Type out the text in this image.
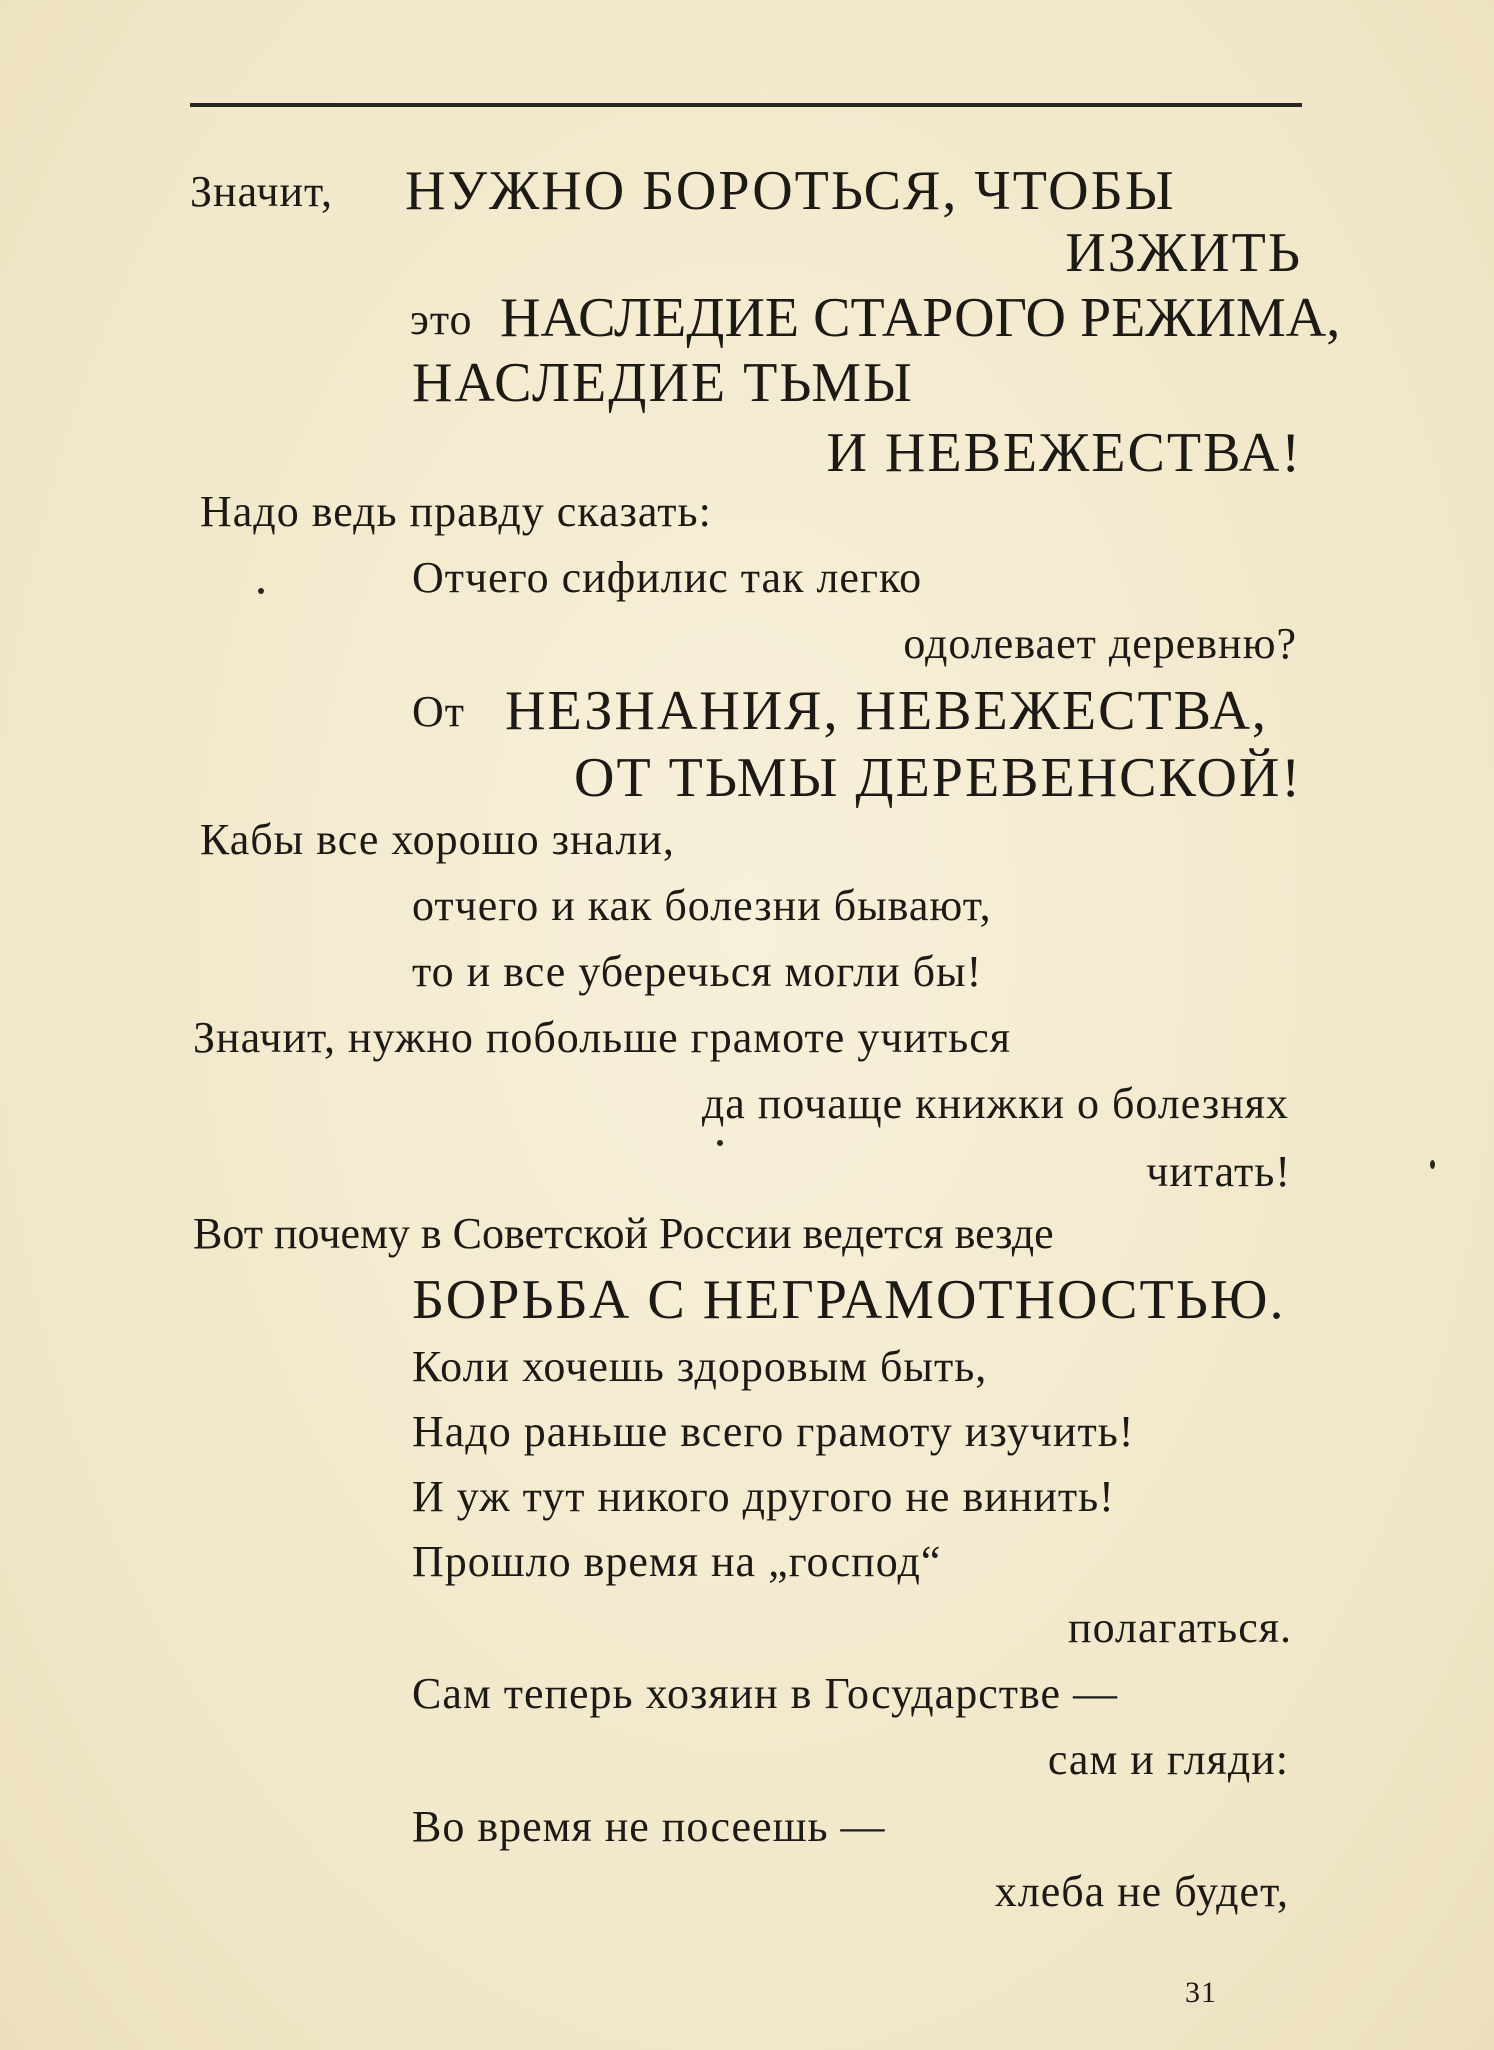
Значит, НУЖНО БОРОТЬСЯ, ЧТОБЫ
ИЗЖИТЬ
это НАСЛЕДИЕ СТАРОГО РЕЖИМА,
НАСЛЕДИЕ ТЬМЫ
И НЕВЕЖЕСТВА!
Надо ведь правду сказать:
Отчего сифилис так легко
одолевает деревню?
От НЕЗНАНИЯ, НЕВЕЖЕСТВА,
ОТ ТЬМЫ ДЕРЕВЕНСКОЙ!
Кабы все хорошо знали,
отчего и как болезни бывают,
то и все уберечься могли бы!
Значит, нужно побольше грамоте учиться
да почаще книжки о болезнях
читать!
Вот почему в Советской России ведется везде
БОРЬБА С НЕГРАМОТНОСТЬЮ.
Коли хочешь здоровым быть,
Надо раньше всего грамоту изучить!
И уж тут никого другого не винить!
Прошло время на „господ“
полагаться.
Сам теперь хозяин в Государстве —
сам и гляди:
Во время не посеешь —
хлеба не будет,
31
